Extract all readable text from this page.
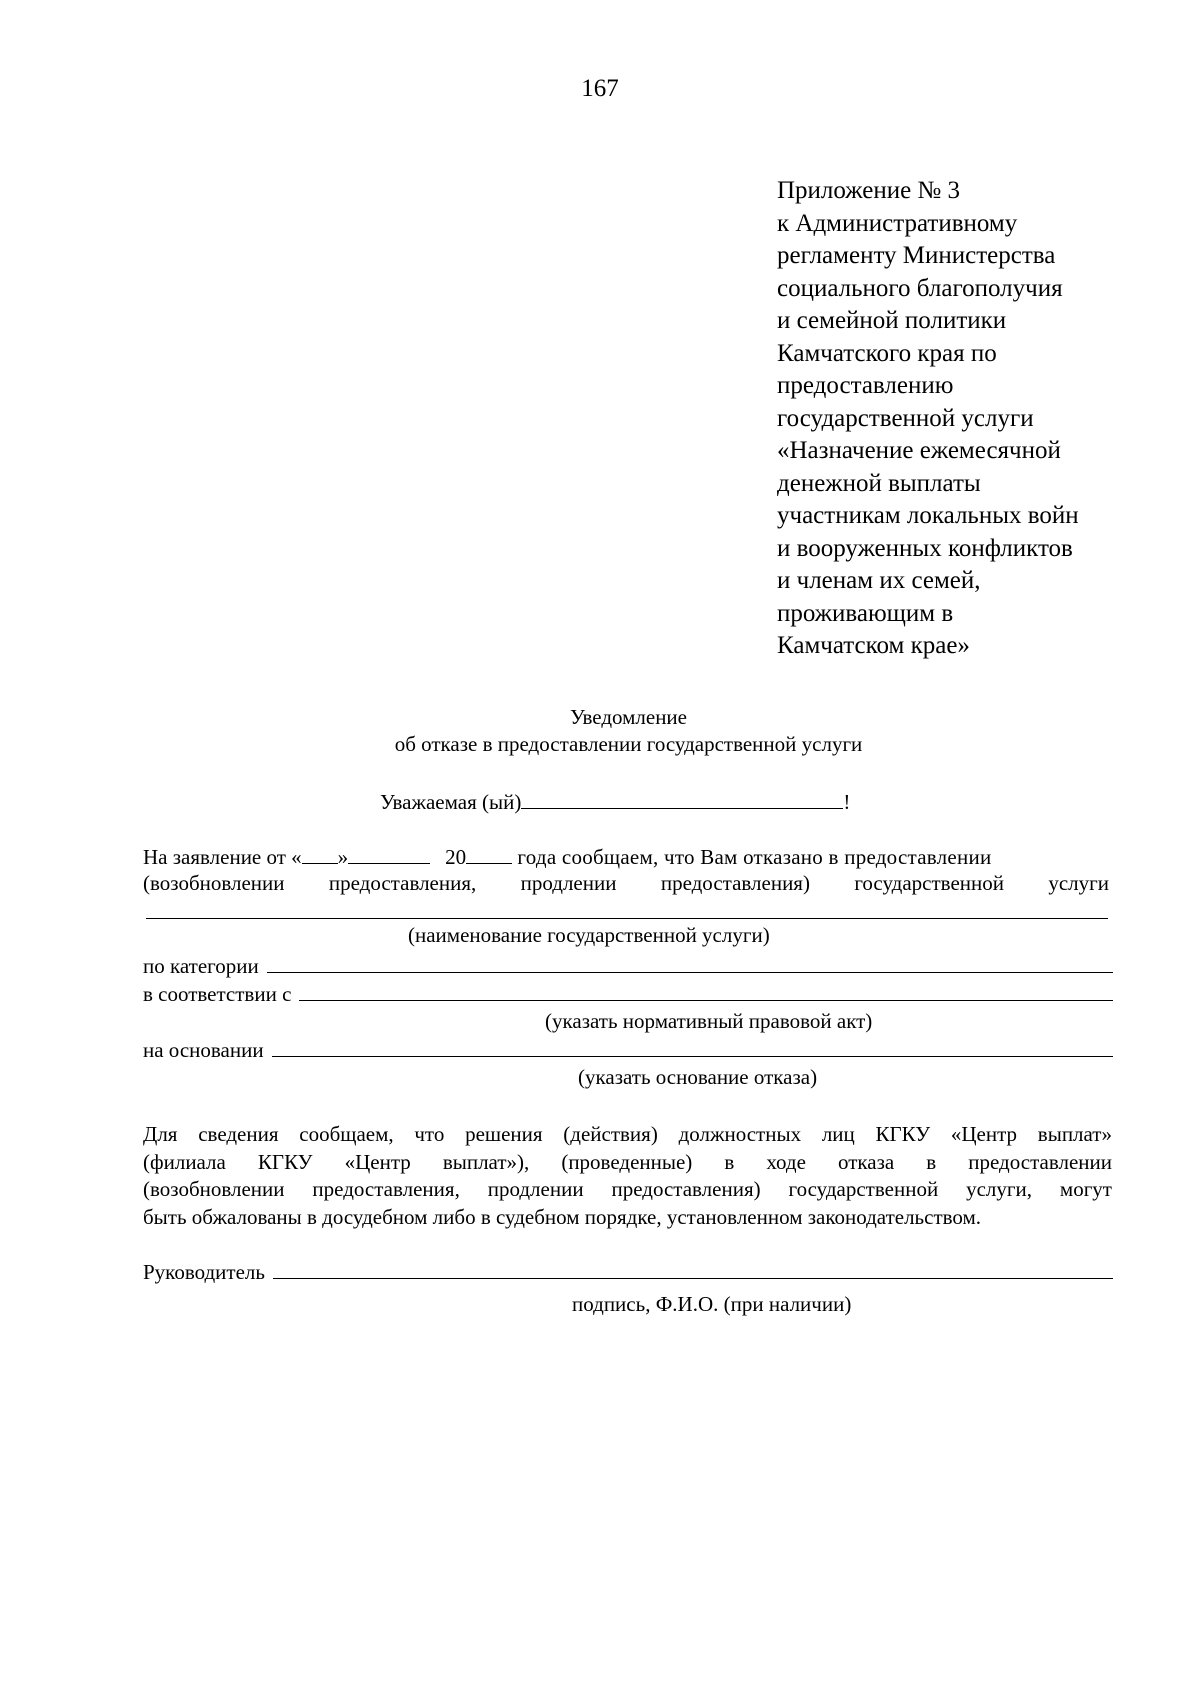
167
Приложение № 3
к Административному
регламенту Министерства
социального благополучия
и семейной политики
Камчатского края по
предоставлению
государственной услуги
«Назначение ежемесячной
денежной выплаты
участникам локальных войн
и вооруженных конфликтов
и членам их семей,
проживающим в
Камчатском крае»
Уведомление
об отказе в предоставлении государственной услуги
Уважаемая (ый)	!
На заявление от « »	20 года сообщаем, что Вам отказано в предоставлении
(возобновлении предоставления, продлении предоставления) государственной услуги
(наименование государственной услуги)
по категории
в соответствии с
(указать нормативный правовой акт)
на основании
(указать основание отказа)
Для сведения сообщаем, что решения (действия) должностных лиц КГКУ «Центр выплат»
(филиала КГКУ «Центр выплат»), (проведенные) в ходе отказа в предоставлении
(возобновлении предоставления, продлении предоставления) государственной услуги, могут
быть обжалованы в досудебном либо в судебном порядке, установленном законодательством.
Руководитель
подпись, Ф.И.О. (при наличии)
